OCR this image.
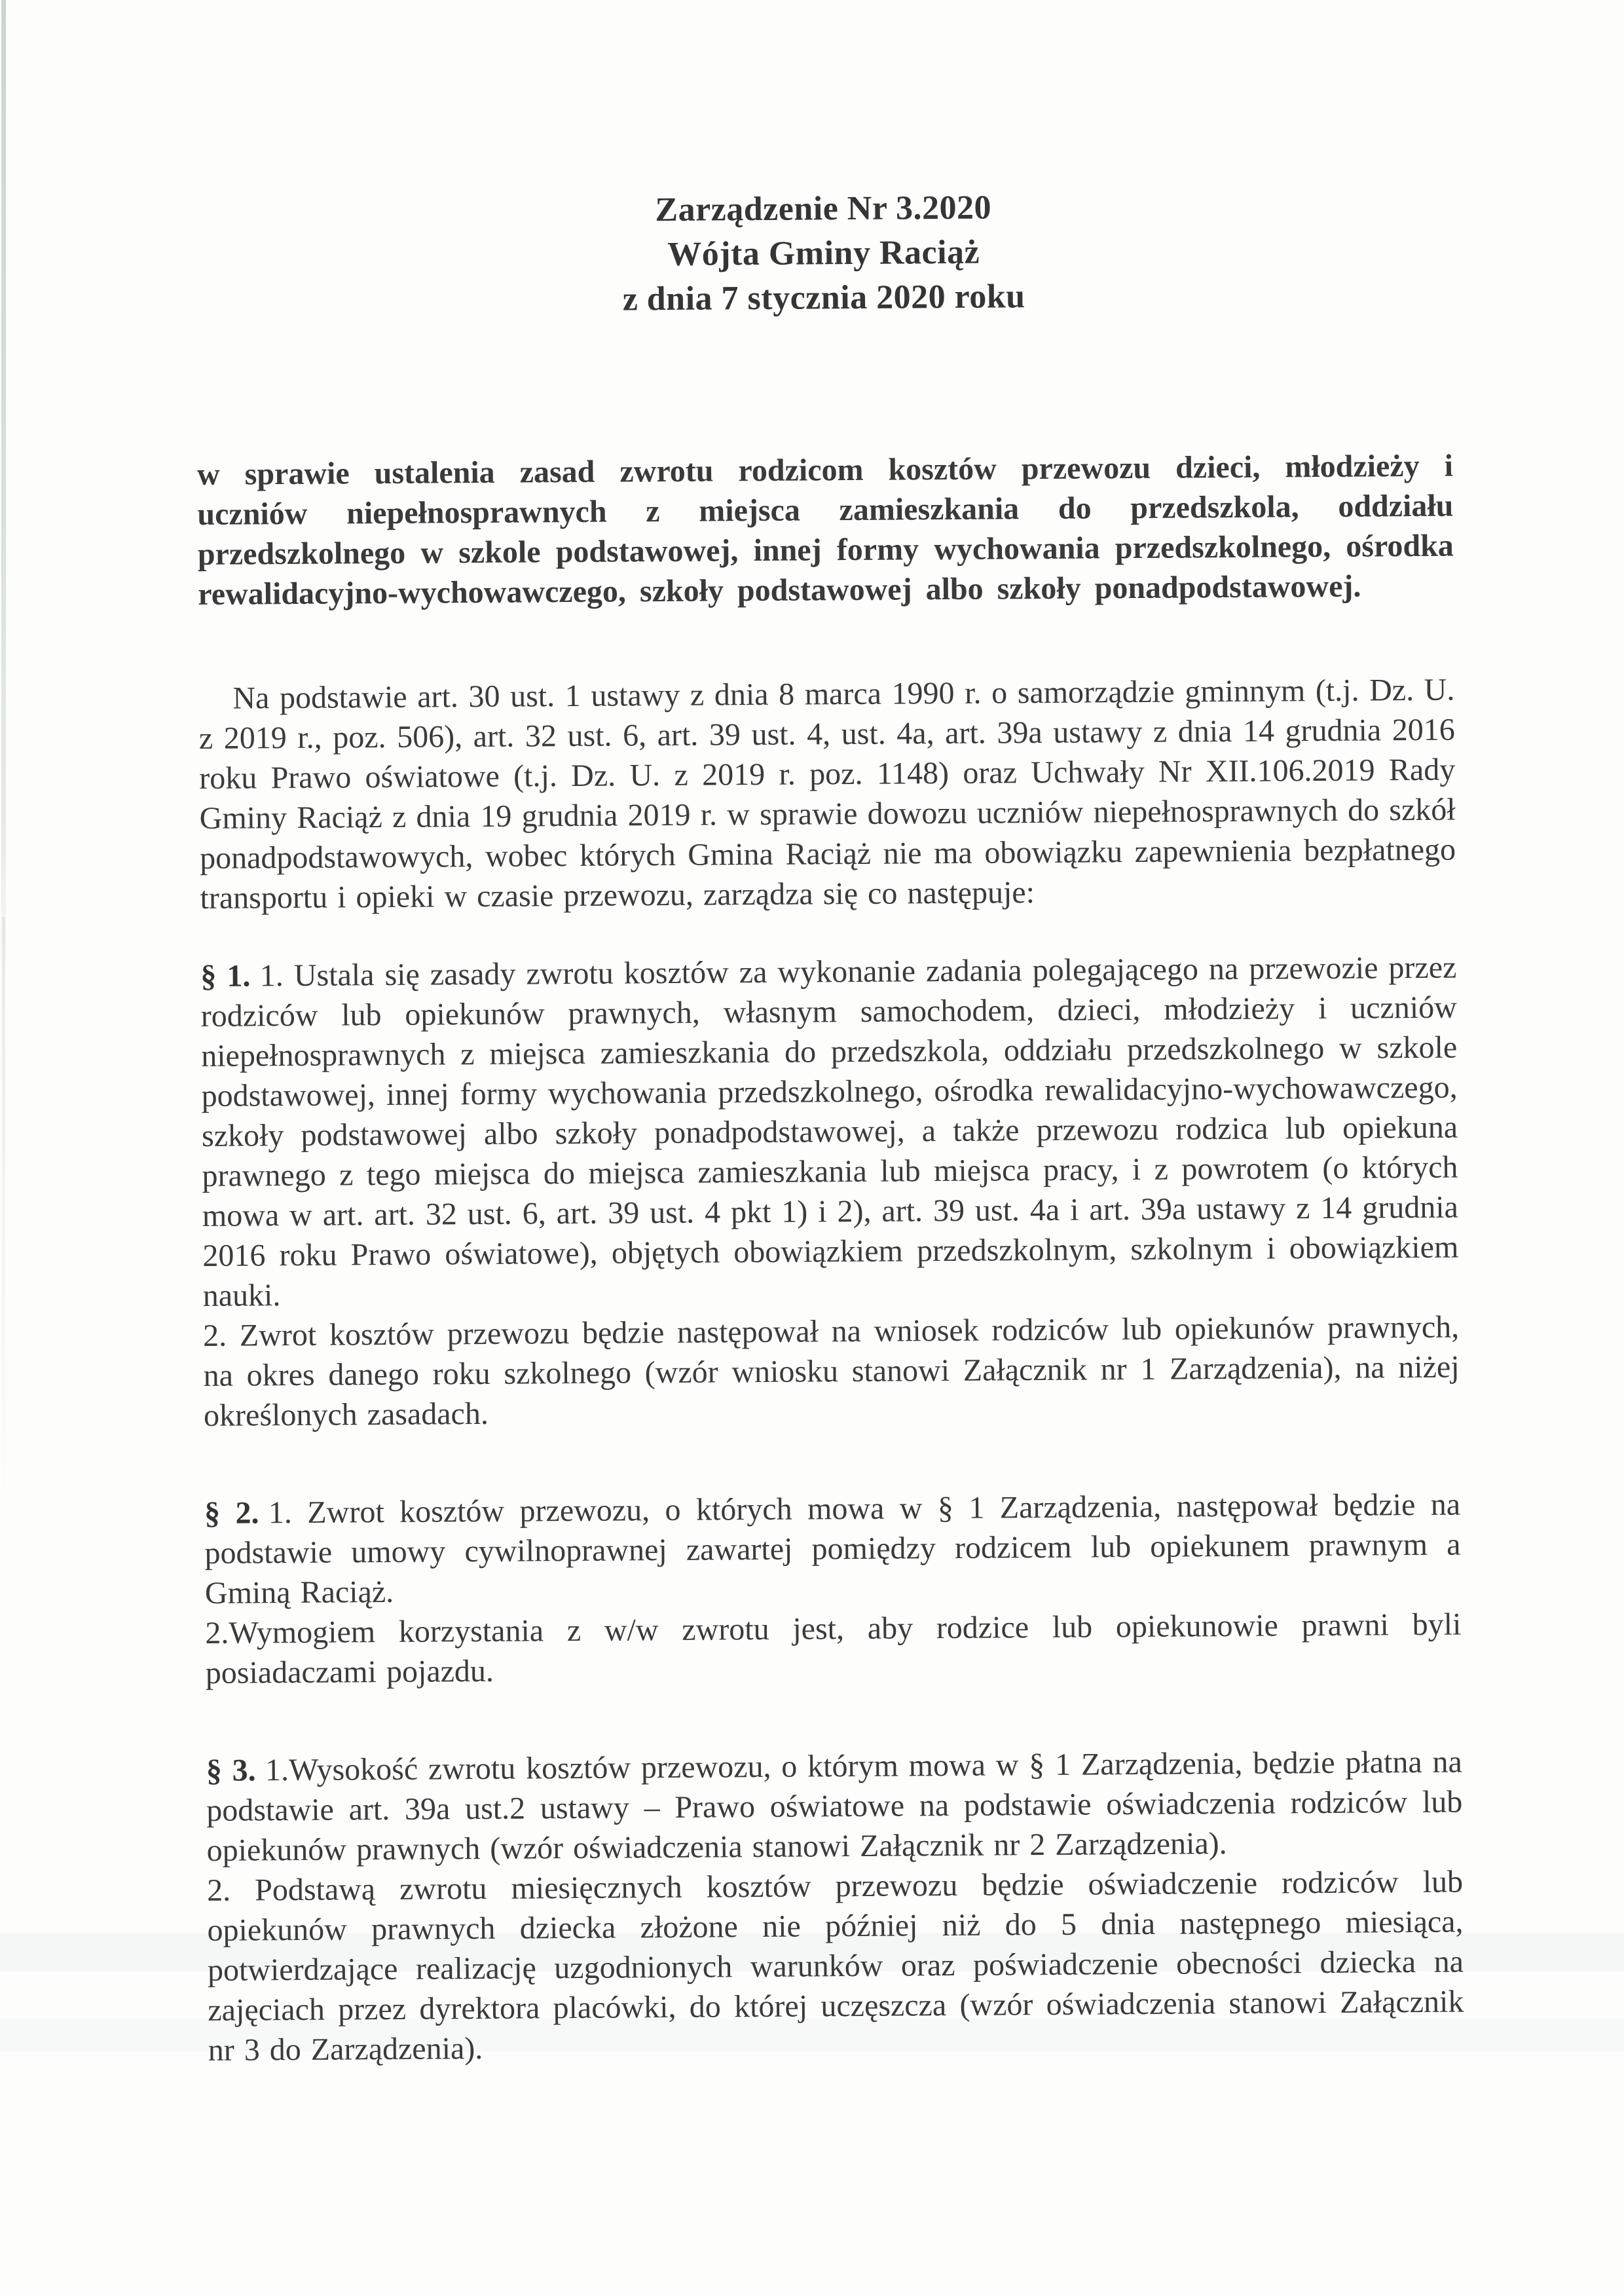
Zarządzenie Nr 3.2020
Wójta Gminy Raciąż
z dnia 7 stycznia 2020 roku

w sprawie ustalenia zasad zwrotu rodzicom kosztów przewozu dzieci, młodzieży i uczniów niepełnosprawnych z miejsca zamieszkania do przedszkola, oddziału przedszkolnego w szkole podstawowej, innej formy wychowania przedszkolnego, ośrodka rewalidacyjno-wychowawczego, szkoły podstawowej albo szkoły ponadpodstawowej.

Na podstawie art. 30 ust. 1 ustawy z dnia 8 marca 1990 r. o samorządzie gminnym (t.j. Dz. U. z 2019 r., poz. 506), art. 32 ust. 6, art. 39 ust. 4, ust. 4a, art. 39a ustawy z dnia 14 grudnia 2016 roku Prawo oświatowe (t.j. Dz. U. z 2019 r. poz. 1148) oraz Uchwały Nr XII.106.2019 Rady Gminy Raciąż z dnia 19 grudnia 2019 r. w sprawie dowozu uczniów niepełnosprawnych do szkół ponadpodstawowych, wobec których Gmina Raciąż nie ma obowiązku zapewnienia bezpłatnego transportu i opieki w czasie przewozu, zarządza się co następuje:

§ 1. 1. Ustala się zasady zwrotu kosztów za wykonanie zadania polegającego na przewozie przez rodziców lub opiekunów prawnych, własnym samochodem, dzieci, młodzieży i uczniów niepełnosprawnych z miejsca zamieszkania do przedszkola, oddziału przedszkolnego w szkole podstawowej, innej formy wychowania przedszkolnego, ośrodka rewalidacyjno-wychowawczego, szkoły podstawowej albo szkoły ponadpodstawowej, a także przewozu rodzica lub opiekuna prawnego z tego miejsca do miejsca zamieszkania lub miejsca pracy, i z powrotem (o których mowa w art. art. 32 ust. 6, art. 39 ust. 4 pkt 1) i 2), art. 39 ust. 4a i art. 39a ustawy z 14 grudnia 2016 roku Prawo oświatowe), objętych obowiązkiem przedszkolnym, szkolnym i obowiązkiem nauki.

2. Zwrot kosztów przewozu będzie następował na wniosek rodziców lub opiekunów prawnych, na okres danego roku szkolnego (wzór wniosku stanowi Załącznik nr 1 Zarządzenia), na niżej określonych zasadach.

§ 2. 1. Zwrot kosztów przewozu, o których mowa w § 1 Zarządzenia, następował będzie na podstawie umowy cywilnoprawnej zawartej pomiędzy rodzicem lub opiekunem prawnym a Gminą Raciąż.

2.Wymogiem korzystania z w/w zwrotu jest, aby rodzice lub opiekunowie prawni byli posiadaczami pojazdu.

§ 3. 1.Wysokość zwrotu kosztów przewozu, o którym mowa w § 1 Zarządzenia, będzie płatna na podstawie art. 39a ust.2 ustawy – Prawo oświatowe na podstawie oświadczenia rodziców lub opiekunów prawnych (wzór oświadczenia stanowi Załącznik nr 2 Zarządzenia).

2. Podstawą zwrotu miesięcznych kosztów przewozu będzie oświadczenie rodziców lub opiekunów prawnych dziecka złożone nie później niż do 5 dnia następnego miesiąca, potwierdzające realizację uzgodnionych warunków oraz poświadczenie obecności dziecka na zajęciach przez dyrektora placówki, do której uczęszcza (wzór oświadczenia stanowi Załącznik nr 3 do Zarządzenia).
